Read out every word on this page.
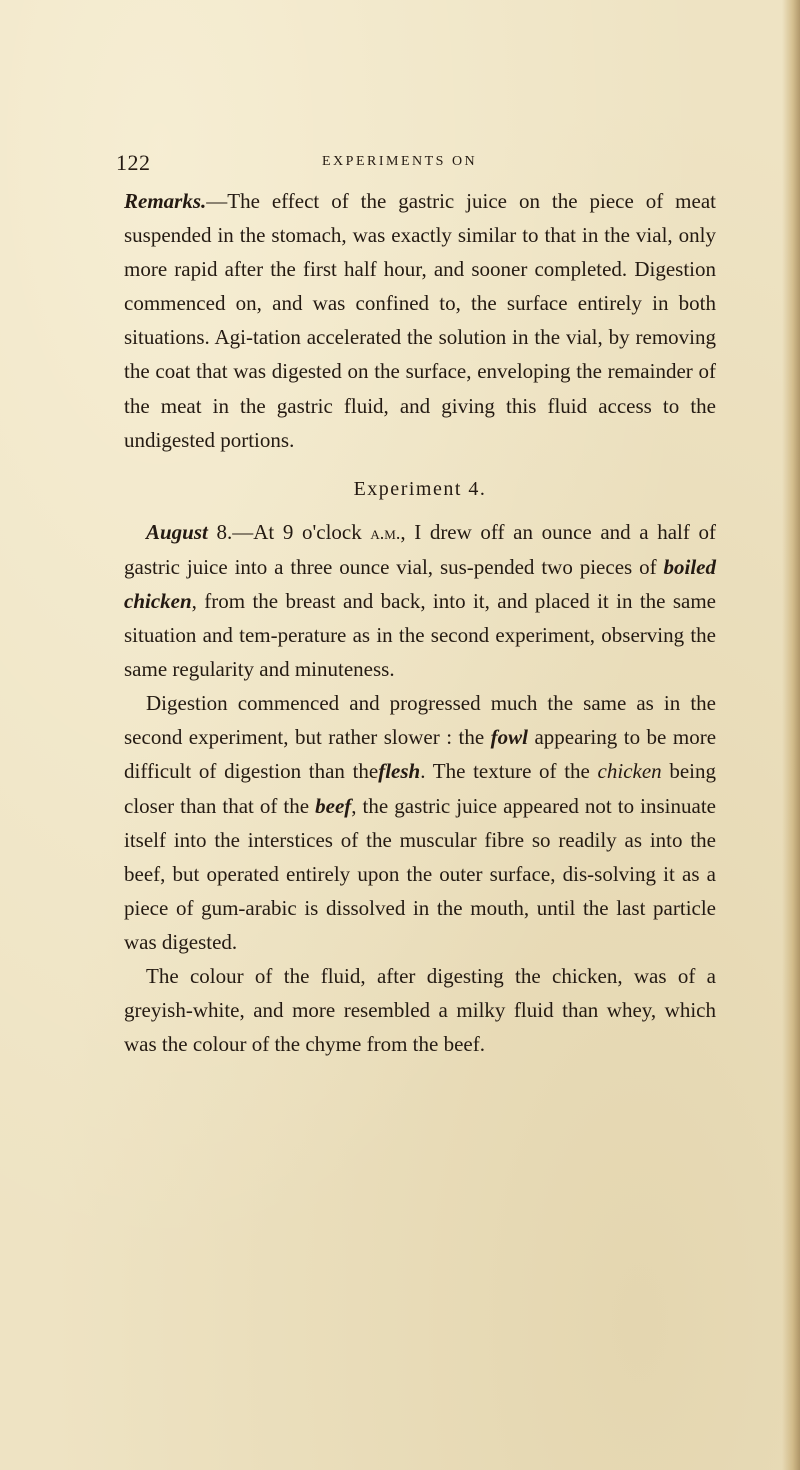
122	EXPERIMENTS ON

Remarks.—The effect of the gastric juice on the piece of meat suspended in the stomach, was exactly similar to that in the vial, only more rapid after the first half hour, and sooner completed. Digestion commenced on, and was confined to, the surface entirely in both situations. Agi-tation accelerated the solution in the vial, by removing the coat that was digested on the surface, enveloping the remainder of the meat in the gastric fluid, and giving this fluid access to the undigested portions.

Experiment 4.

August 8.—At 9 o'clock a.m., I drew off an ounce and a half of gastric juice into a three ounce vial, sus-pended two pieces of boiled chicken, from the breast and back, into it, and placed it in the same situation and tem-perature as in the second experiment, observing the same regularity and minuteness.

Digestion commenced and progressed much the same as in the second experiment, but rather slower : the fowl appearing to be more difficult of digestion than theflesh. The texture of the chicken being closer than that of the beef, the gastric juice appeared not to insinuate itself into the interstices of the muscular fibre so readily as into the beef, but operated entirely upon the outer surface, dis-solving it as a piece of gum-arabic is dissolved in the mouth, until the last particle was digested.

The colour of the fluid, after digesting the chicken, was of a greyish-white, and more resembled a milky fluid than whey, which was the colour of the chyme from the beef.
